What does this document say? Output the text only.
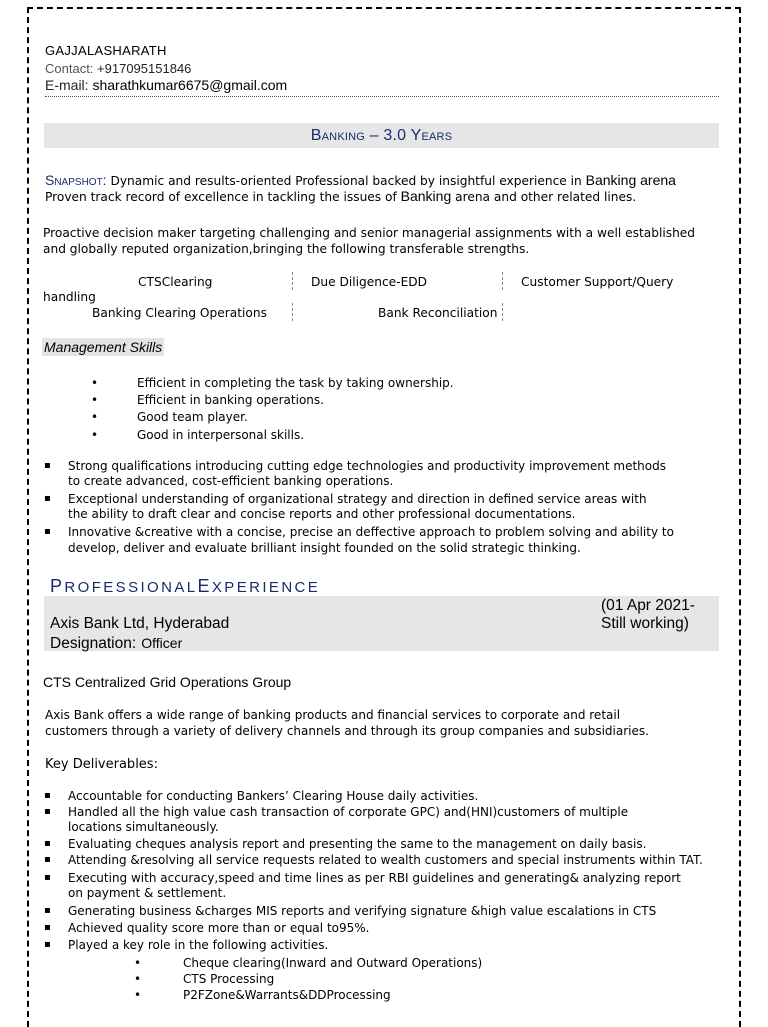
GAJJALASHARATH
Contact: +917095151846
E-mail: sharathkumar6675@gmail.com
Banking – 3.0 Years
Snapshot: Dynamic and results-oriented Professional backed by insightful experience in Banking arena
Proven track record of excellence in tackling the issues of Banking arena and other related lines.
Proactive decision maker targeting challenging and senior managerial assignments with a well established
and globally reputed organization,bringing the following transferable strengths.
CTSClearing	Due Diligence-EDD	Customer Support/Query
handling
Banking Clearing Operations	Bank Reconciliation
Management Skills
•	Efficient in completing the task by taking ownership.
•	Efficient in banking operations.
•	Good team player.
•	Good in interpersonal skills.
▪ Strong qualifications introducing cutting edge technologies and productivity improvement methods
to create advanced, cost-efficient banking operations.
▪ Exceptional understanding of organizational strategy and direction in defined service areas with
the ability to draft clear and concise reports and other professional documentations.
▪ Innovative &creative with a concise, precise an deffective approach to problem solving and ability to
develop, deliver and evaluate brilliant insight founded on the solid strategic thinking.
PROFESSIONALEXPERIENCE
Axis Bank Ltd, Hyderabad
Designation: Officer
(01 Apr 2021-
Still working)
CTS Centralized Grid Operations Group
Axis Bank offers a wide range of banking products and financial services to corporate and retail
customers through a variety of delivery channels and through its group companies and subsidiaries.
Key Deliverables:
▪ Accountable for conducting Bankers’ Clearing House daily activities.
▪ Handled all the high value cash transaction of corporate GPC) and(HNI)customers of multiple
locations simultaneously.
▪ Evaluating cheques analysis report and presenting the same to the management on daily basis.
▪ Attending &resolving all service requests related to wealth customers and special instruments within TAT.
▪ Executing with accuracy,speed and time lines as per RBI guidelines and generating& analyzing report
on payment & settlement.
▪ Generating business &charges MIS reports and verifying signature &high value escalations in CTS
▪ Achieved quality score more than or equal to95%.
▪ Played a key role in the following activities.
•	Cheque clearing(Inward and Outward Operations)
•	CTS Processing
•	P2FZone&Warrants&DDProcessing
